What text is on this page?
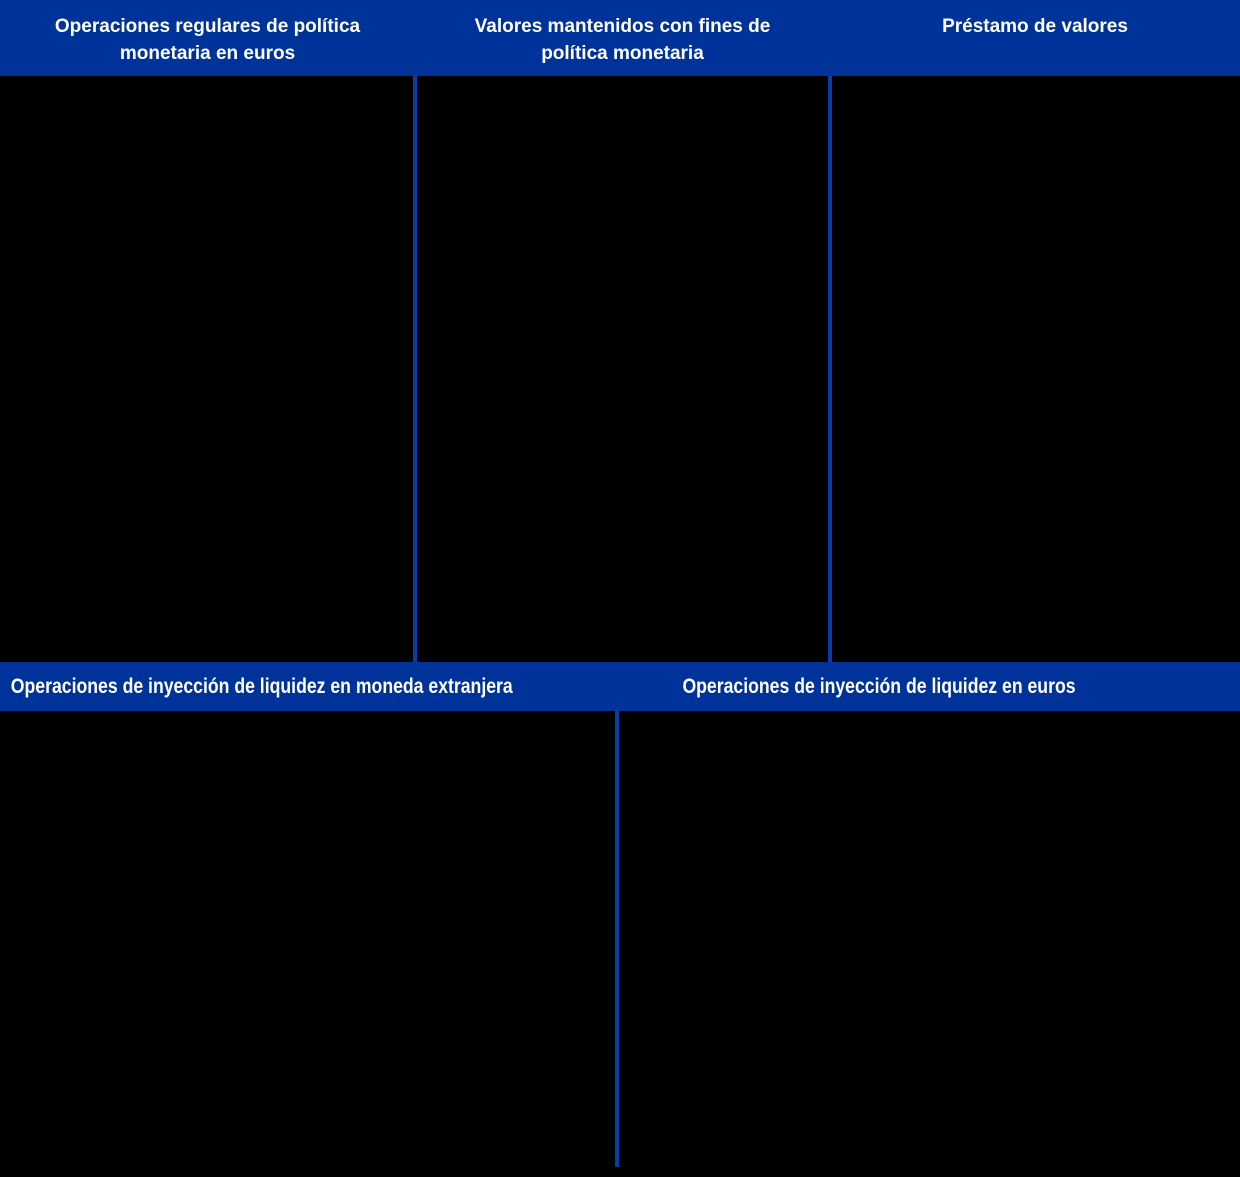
Operaciones regulares de política
monetaria en euros
Valores mantenidos con fines de
política monetaria
Préstamo de valores
Operaciones de inyección de liquidez en moneda extranjera	Operaciones de inyección de liquidez en euros
